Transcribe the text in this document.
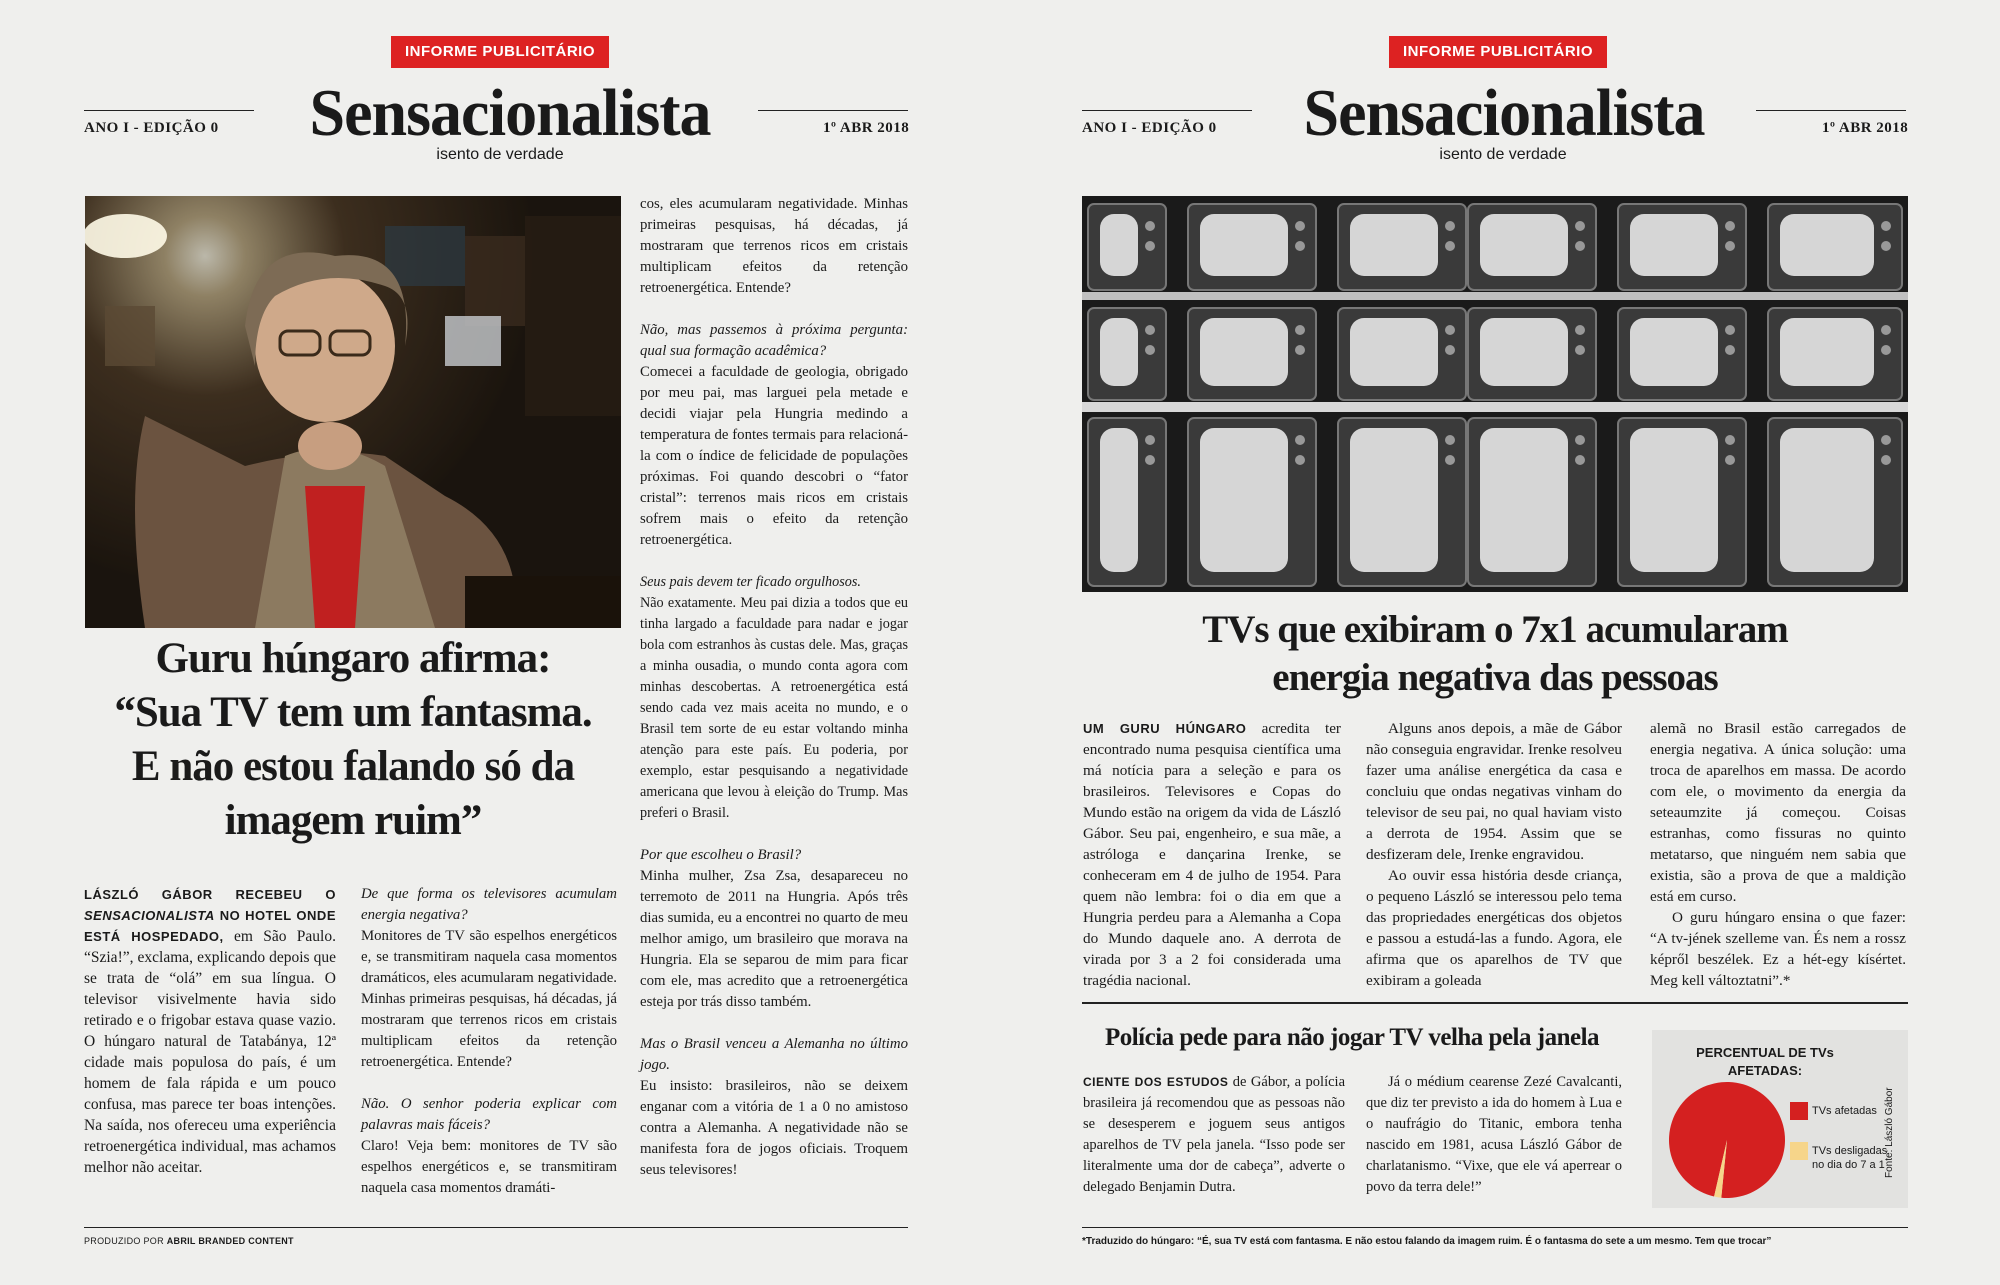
INFORME PUBLICITÁRIO
ANO I - EDIÇÃO 0 Sensacionalista
isento de verdade
1º ABR 2018
Guru húngaro afirma:
“Sua TV tem um fantasma.
E não estou falando só da
imagem ruim”

LÁSZLÓ GÁBOR RECEBEU O SENSACIONALISTA NO HOTEL ONDE ESTÁ HOSPEDADO, em São Paulo. “Szia!”, exclama, explicando depois que se trata de “olá” em sua língua. O televisor visivelmente havia sido retirado e o frigobar estava quase vazio. O húngaro natural de Tatabánya, 12ª cidade mais populosa do país, é um homem de fala rápida e um pouco confusa, mas parece ter boas intenções. Na saída, nos ofereceu uma experiência retroenergética individual, mas achamos melhor não aceitar.

De que forma os televisores acumulam energia negativa?
Monitores de TV são espelhos energéticos e, se transmitiram naquela casa momentos dramáticos, eles acumularam negatividade. Minhas primeiras pesquisas, há décadas, já mostraram que terrenos ricos em cristais multiplicam efeitos da retenção retroenergética. Entende?

Não. O senhor poderia explicar com palavras mais fáceis?
Claro! Veja bem: monitores de TV são espelhos energéticos e, se transmitiram naquela casa momentos dramáti-

cos, eles acumularam negatividade. Minhas primeiras pesquisas, há décadas, já mostraram que terrenos ricos em cristais multiplicam efeitos da retenção retroenergética. Entende?

Não, mas passemos à próxima pergunta: qual sua formação acadêmica?
Comecei a faculdade de geologia, obrigado por meu pai, mas larguei pela metade e decidi viajar pela Hungria medindo a temperatura de fontes termais para relacioná-la com o índice de felicidade de populações próximas. Foi quando descobri o “fator cristal”: terrenos mais ricos em cristais sofrem mais o efeito da retenção retroenergética.

Seus pais devem ter ficado orgulhosos.
Não exatamente. Meu pai dizia a todos que eu tinha largado a faculdade para nadar e jogar bola com estranhos às custas dele. Mas, graças a minha ousadia, o mundo conta agora com minhas descobertas. A retroenergética está sendo cada vez mais aceita no mundo, e o Brasil tem sorte de eu estar voltando minha atenção para este país. Eu poderia, por exemplo, estar pesquisando a negatividade americana que levou à eleição do Trump. Mas preferi o Brasil.

Por que escolheu o Brasil?
Minha mulher, Zsa Zsa, desapareceu no terremoto de 2011 na Hungria. Após três dias sumida, eu a encontrei no quarto de meu melhor amigo, um brasileiro que morava na Hungria. Ela se separou de mim para ficar com ele, mas acredito que a retroenergética esteja por trás disso também.

Mas o Brasil venceu a Alemanha no último jogo.
Eu insisto: brasileiros, não se deixem enganar com a vitória de 1 a 0 no amistoso contra a Alemanha. A negatividade não se manifesta fora de jogos oficiais. Troquem seus televisores!

PRODUZIDO POR ABRIL BRANDED CONTENT
INFORME PUBLICITÁRIO
ANO I - EDIÇÃO 0 Sensacionalista
isento de verdade
1º ABR 2018
TVs que exibiram o 7x1 acumularam
energia negativa das pessoas

UM GURU HÚNGARO acredita ter encontrado numa pesquisa científica uma má notícia para a seleção e para os brasileiros. Televisores e Copas do Mundo estão na origem da vida de László Gábor. Seu pai, engenheiro, e sua mãe, a astróloga e dançarina Irenke, se conheceram em 4 de julho de 1954. Para quem não lembra: foi o dia em que a Hungria perdeu para a Alemanha a Copa do Mundo daquele ano. A derrota de virada por 3 a 2 foi considerada uma tragédia nacional.

Alguns anos depois, a mãe de Gábor não conseguia engravidar. Irenke resolveu fazer uma análise energética da casa e concluiu que ondas negativas vinham do televisor de seu pai, no qual haviam visto a derrota de 1954. Assim que se desfizeram dele, Irenke engravidou.

Ao ouvir essa história desde criança, o pequeno László se interessou pelo tema das propriedades energéticas dos objetos e passou a estudá-las a fundo. Agora, ele afirma que os aparelhos de TV que exibiram a goleada

alemã no Brasil estão carregados de energia negativa. A única solução: uma troca de aparelhos em massa. De acordo com ele, o movimento da energia da seteaumzite já começou. Coisas estranhas, como fissuras no quinto metatarso, que ninguém nem sabia que existia, são a prova de que a maldição está em curso.

O guru húngaro ensina o que fazer: “A tv-jének szelleme van. És nem a rossz képről beszélek. Ez a hét-egy kísértet. Meg kell változtatni”.*

Polícia pede para não jogar TV velha pela janela

CIENTE DOS ESTUDOS de Gábor, a polícia brasileira já recomendou que as pessoas não se desesperem e joguem seus antigos aparelhos de TV pela janela. “Isso pode ser literalmente uma dor de cabeça”, adverte o delegado Benjamin Dutra.

Já o médium cearense Zezé Cavalcanti, que diz ter previsto a ida do homem à Lua e o naufrágio do Titanic, embora tenha nascido em 1981, acusa László Gábor de charlatanismo. “Vixe, que ele vá aperrear o povo da terra dele!”

PERCENTUAL DE TVs AFETADAS:
TVs afetadas
TVs desligadas no dia do 7 a 1 Fonte: László Gábor
*Traduzido do húngaro: “É, sua TV está com fantasma. E não estou falando da imagem ruim. É o fantasma do sete a um mesmo. Tem que trocar”
